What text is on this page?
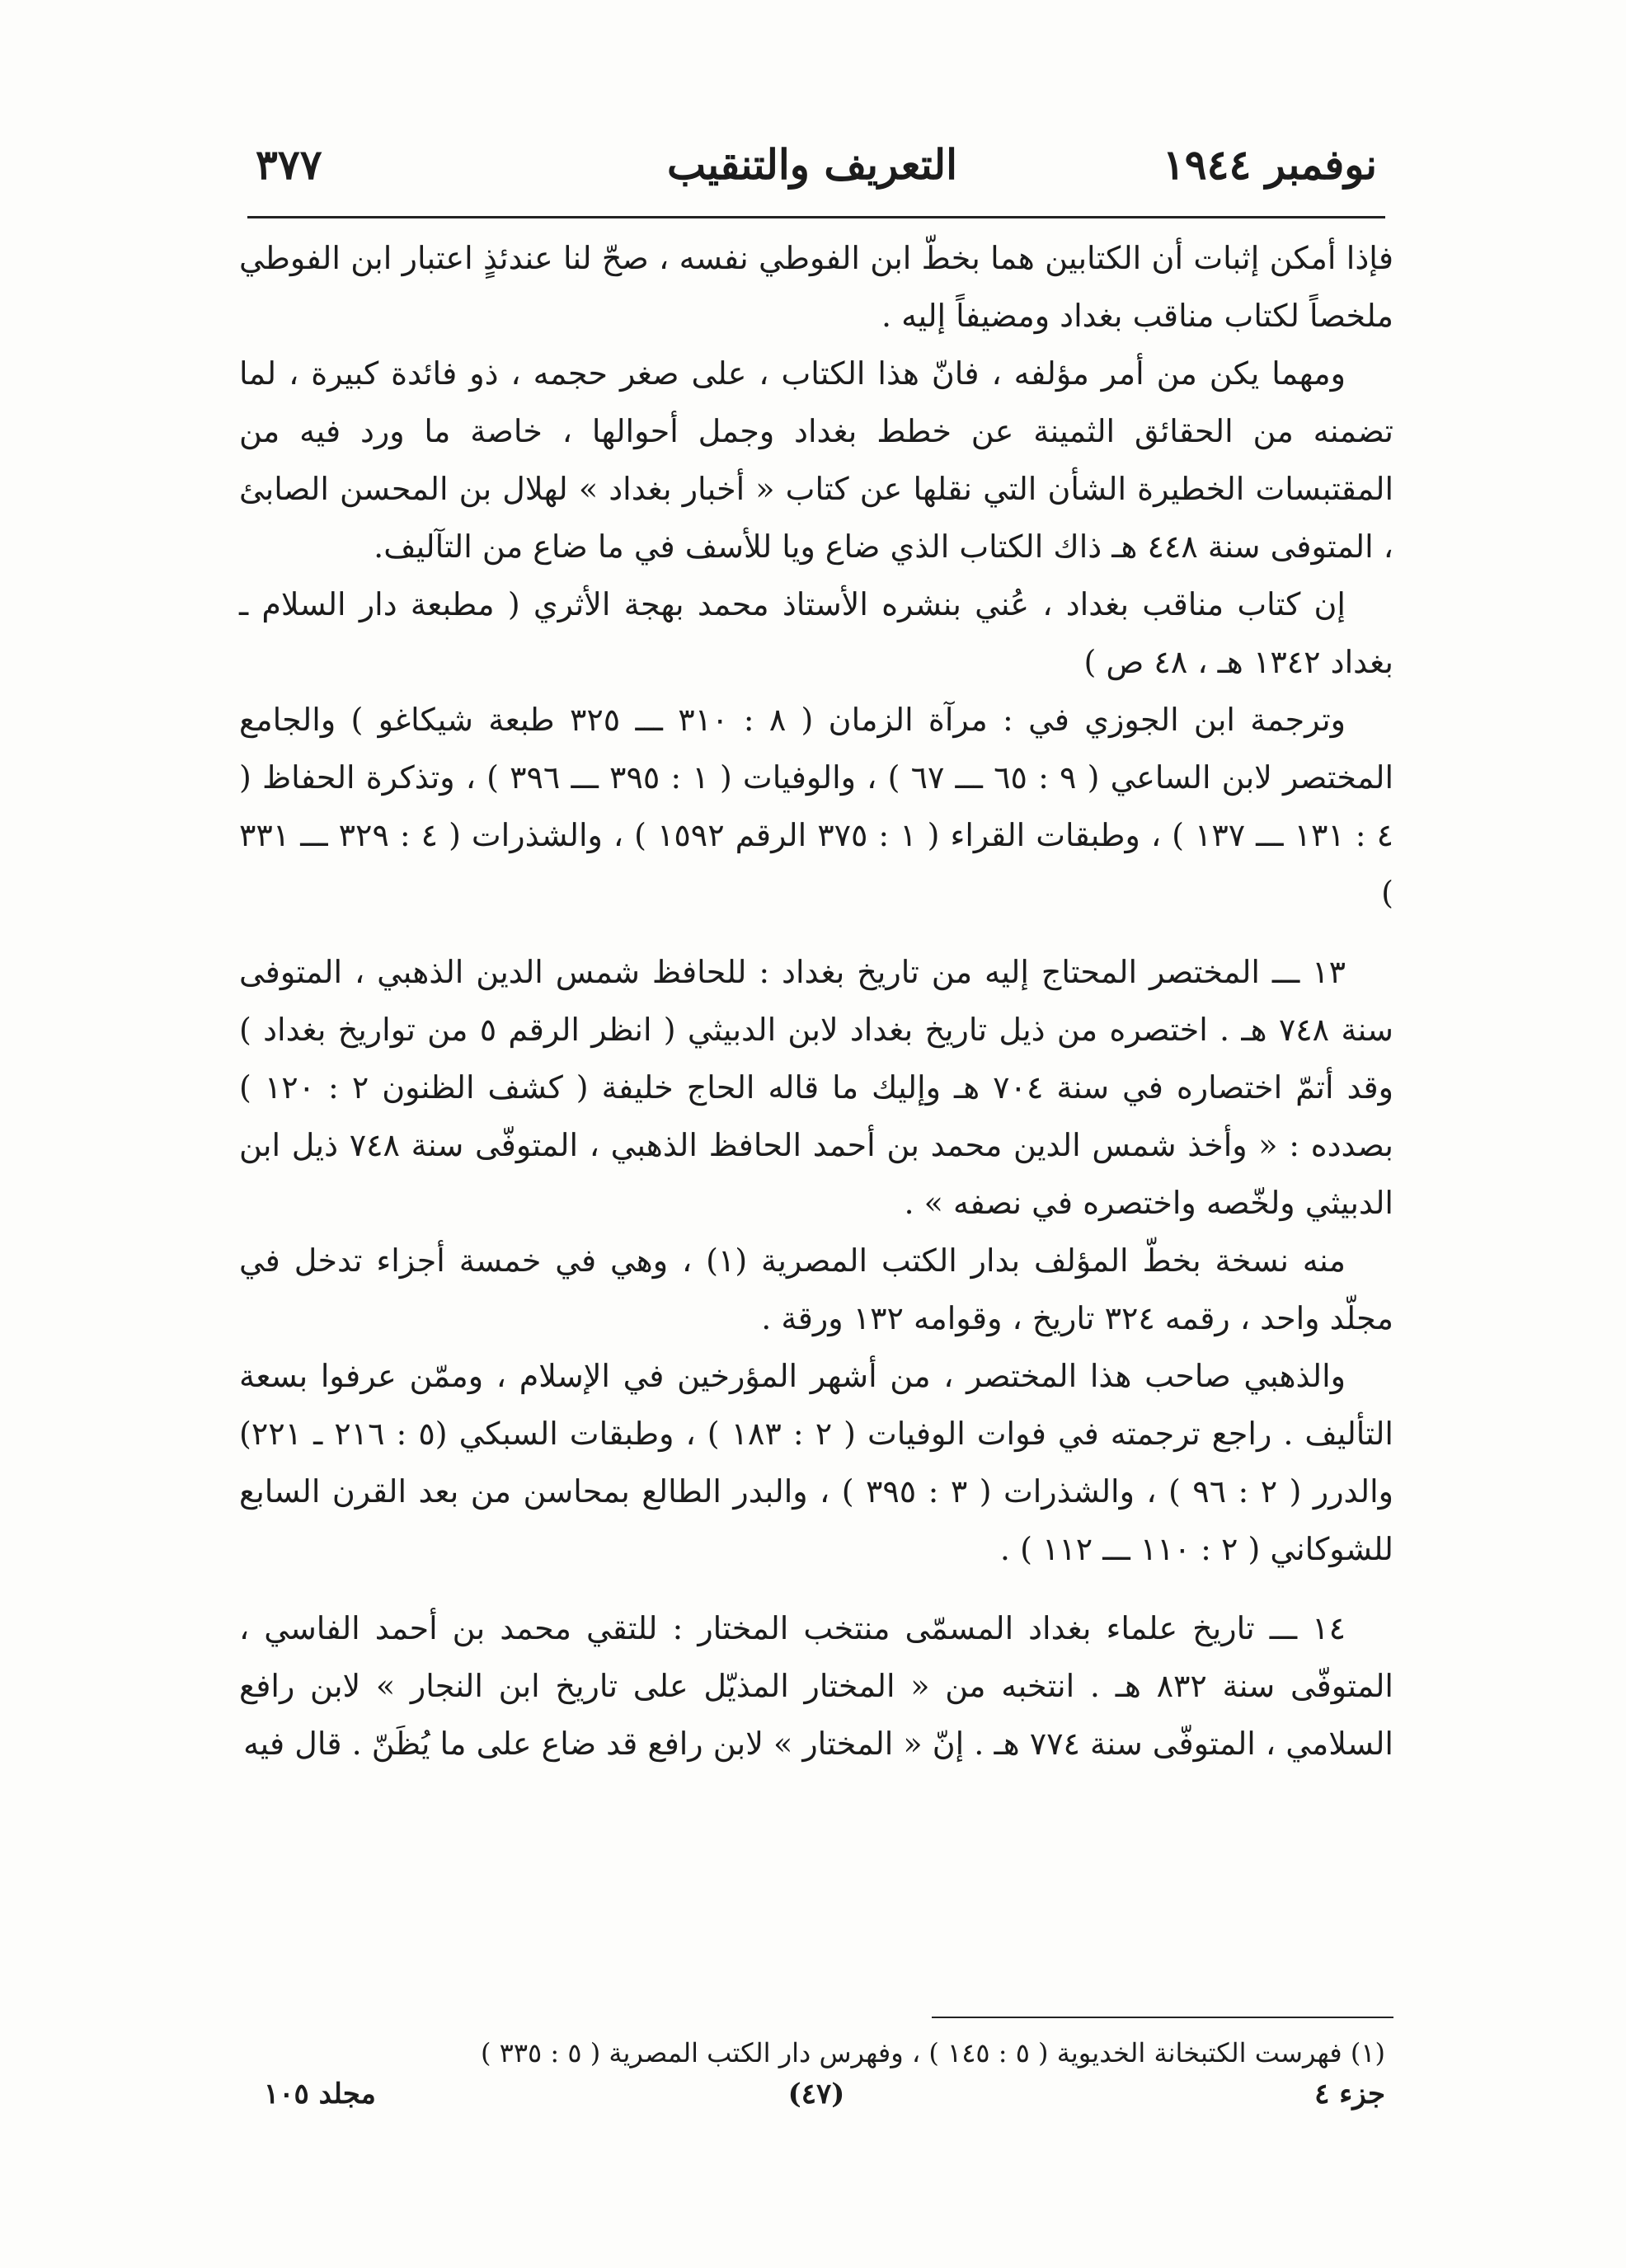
نوفمبر ١٩٤٤
التعريف والتنقيب
٣٧٧

فإذا أمكن إثبات أن الكتابين هما بخطّ ابن الفوطي نفسه ، صحّ لنا عندئذٍ اعتبار ابن الفوطي ملخصاً لكتاب مناقب بغداد ومضيفاً إليه .

ومهما يكن من أمر مؤلفه ، فانّ هذا الكتاب ، على صغر حجمه ، ذو فائدة كبيرة ، لما تضمنه من الحقائق الثمينة عن خطط بغداد وجمل أحوالها ، خاصة ما ورد فيه من المقتبسات الخطيرة الشأن التي نقلها عن كتاب « أخبار بغداد » لهلال بن المحسن الصابئ ، المتوفى سنة ٤٤٨ هـ ذاك الكتاب الذي ضاع ويا للأسف في ما ضاع من التآليف.

إن كتاب مناقب بغداد ، عُني بنشره الأستاذ محمد بهجة الأثري ( مطبعة دار السلام ـ بغداد ١٣٤٢ هـ ، ٤٨ ص )

وترجمة ابن الجوزي في : مرآة الزمان ( ٨ : ٣١٠ ـــ ٣٢٥ طبعة شيكاغو ) والجامع المختصر لابن الساعي ( ٩ : ٦٥ ـــ ٦٧ ) ، والوفيات ( ١ : ٣٩٥ ـــ ٣٩٦ ) ، وتذكرة الحفاظ ( ٤ : ١٣١ ـــ ١٣٧ ) ، وطبقات القراء ( ١ : ٣٧٥ الرقم ١٥٩٢ ) ، والشذرات ( ٤ : ٣٢٩ ـــ ٣٣١ )

١٣ ـــ المختصر المحتاج إليه من تاريخ بغداد : للحافظ شمس الدين الذهبي ، المتوفى سنة ٧٤٨ هـ . اختصره من ذيل تاريخ بغداد لابن الدبيثي ( انظر الرقم ٥ من تواريخ بغداد ) وقد أتمّ اختصاره في سنة ٧٠٤ هـ وإليك ما قاله الحاج خليفة ( كشف الظنون ٢ : ١٢٠ ) بصدده : « وأخذ شمس الدين محمد بن أحمد الحافظ الذهبي ، المتوفّى سنة ٧٤٨ ذيل ابن الدبيثي ولخّصه واختصره في نصفه » .

منه نسخة بخطّ المؤلف بدار الكتب المصرية (١) ، وهي في خمسة أجزاء تدخل في مجلّد واحد ، رقمه ٣٢٤ تاريخ ، وقوامه ١٣٢ ورقة .

والذهبي صاحب هذا المختصر ، من أشهر المؤرخين في الإسلام ، وممّن عرفوا بسعة التأليف . راجع ترجمته في فوات الوفيات ( ٢ : ١٨٣ ) ، وطبقات السبكي (٥ : ٢١٦ ـ ٢٢١) والدرر ( ٢ : ٩٦ ) ، والشذرات ( ٣ : ٣٩٥ ) ، والبدر الطالع بمحاسن من بعد القرن السابع للشوكاني ( ٢ : ١١٠ ـــ ١١٢ ) .

١٤ ـــ تاريخ علماء بغداد المسمّى منتخب المختار : للتقي محمد بن أحمد الفاسي ، المتوفّى سنة ٨٣٢ هـ . انتخبه من « المختار المذيّل على تاريخ ابن النجار » لابن رافع السلامي ، المتوفّى سنة ٧٧٤ هـ . إنّ « المختار » لابن رافع قد ضاع على ما يُظَنّ . قال فيه

(١) فهرست الكتبخانة الخديوية ( ٥ : ١٤٥ ) ، وفهرس دار الكتب المصرية ( ٥ : ٣٣٥ )
جزء ٤
(٤٧)
مجلد ١٠٥
